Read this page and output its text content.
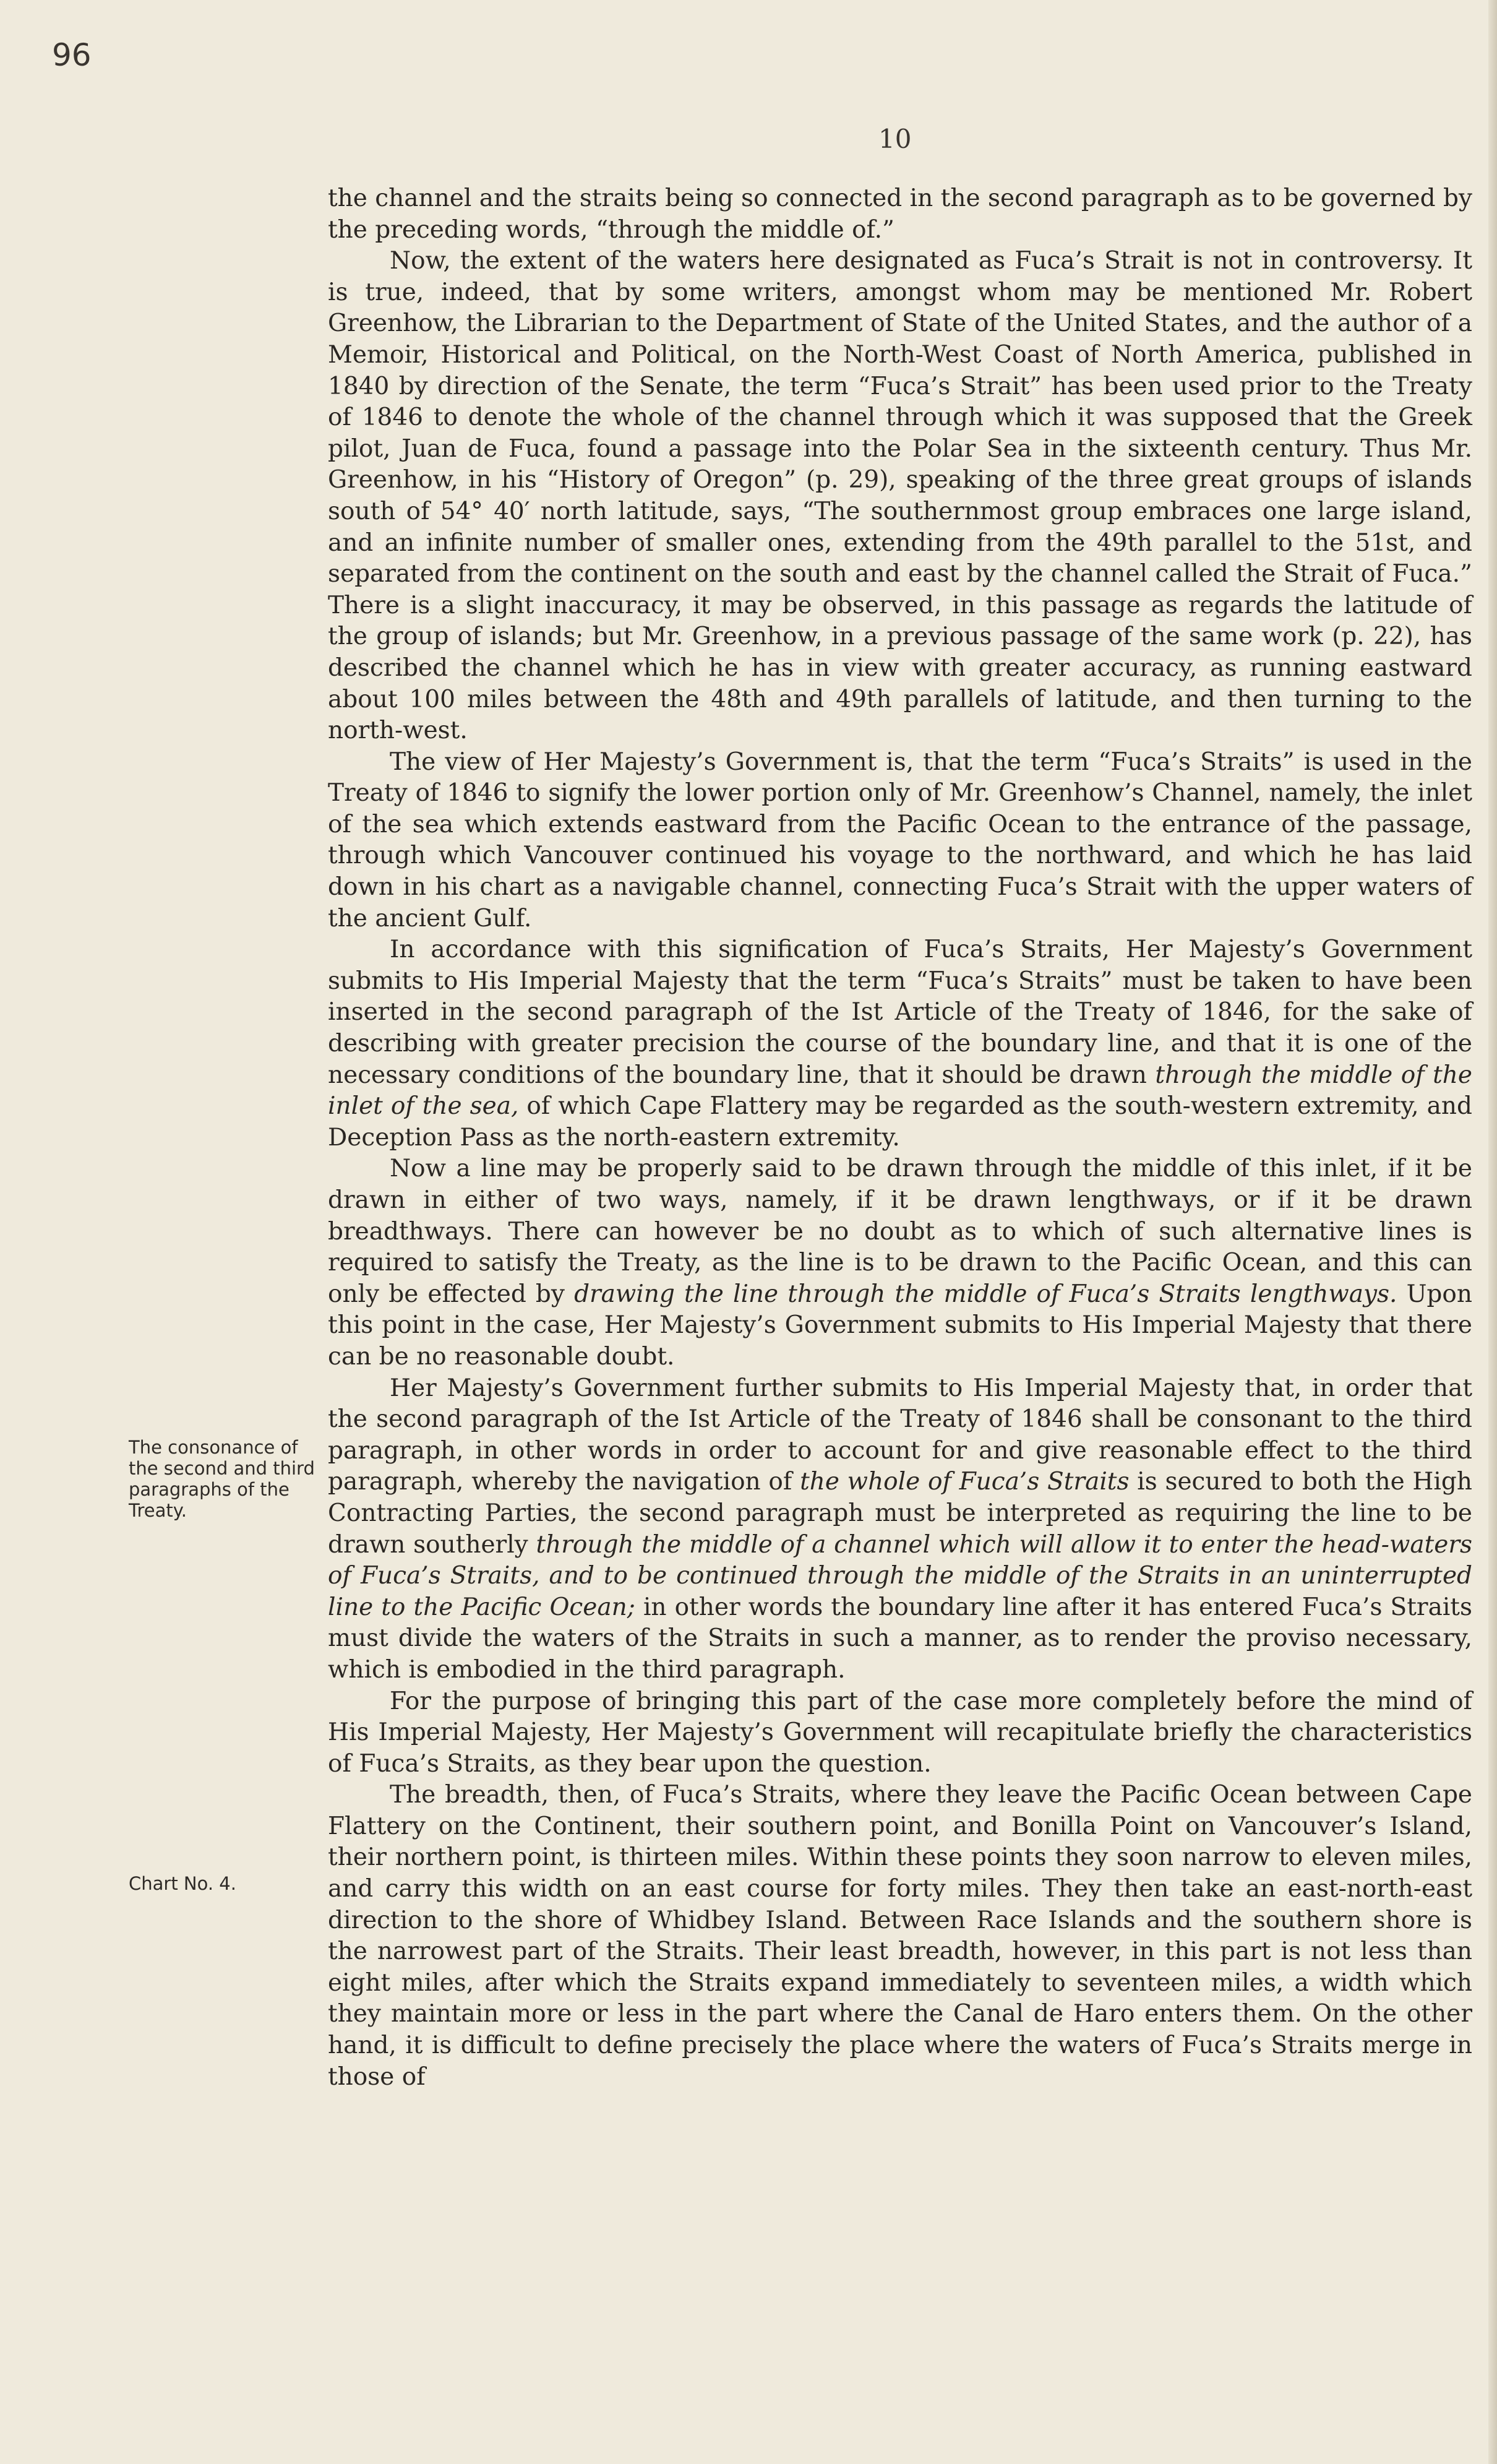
96
10
The consonance of the second and third paragraphs of the Treaty.
Chart No. 4.

the channel and the straits being so connected in the second paragraph as to be governed by the preceding words, “through the middle of.”

Now, the extent of the waters here designated as Fuca’s Strait is not in controversy. It is true, indeed, that by some writers, amongst whom may be mentioned Mr. Robert Greenhow, the Librarian to the Department of State of the United States, and the author of a Memoir, Historical and Political, on the North-West Coast of North America, published in 1840 by direction of the Senate, the term “Fuca’s Strait” has been used prior to the Treaty of 1846 to denote the whole of the channel through which it was supposed that the Greek pilot, Juan de Fuca, found a passage into the Polar Sea in the sixteenth century. Thus Mr. Greenhow, in his “History of Oregon” (p. 29), speaking of the three great groups of islands south of 54° 40′ north latitude, says, “The southernmost group embraces one large island, and an infinite number of smaller ones, extending from the 49th parallel to the 51st, and separated from the continent on the south and east by the channel called the Strait of Fuca.” There is a slight inaccuracy, it may be observed, in this passage as regards the latitude of the group of islands; but Mr. Greenhow, in a previous passage of the same work (p. 22), has described the channel which he has in view with greater accuracy, as running eastward about 100 miles between the 48th and 49th parallels of latitude, and then turning to the north-west.

The view of Her Majesty’s Government is, that the term “Fuca’s Straits” is used in the Treaty of 1846 to signify the lower portion only of Mr. Greenhow’s Channel, namely, the inlet of the sea which extends eastward from the Pacific Ocean to the entrance of the passage, through which Vancouver continued his voyage to the northward, and which he has laid down in his chart as a navigable channel, connecting Fuca’s Strait with the upper waters of the ancient Gulf.

In accordance with this signification of Fuca’s Straits, Her Majesty’s Government submits to His Imperial Majesty that the term “Fuca’s Straits” must be taken to have been inserted in the second paragraph of the Ist Article of the Treaty of 1846, for the sake of describing with greater precision the course of the boundary line, and that it is one of the necessary conditions of the boundary line, that it should be drawn through the middle of the inlet of the sea, of which Cape Flattery may be regarded as the south-western extremity, and Deception Pass as the north-eastern extremity.

Now a line may be properly said to be drawn through the middle of this inlet, if it be drawn in either of two ways, namely, if it be drawn lengthways, or if it be drawn breadthways. There can however be no doubt as to which of such alternative lines is required to satisfy the Treaty, as the line is to be drawn to the Pacific Ocean, and this can only be effected by drawing the line through the middle of Fuca’s Straits lengthways. Upon this point in the case, Her Majesty’s Government submits to His Imperial Majesty that there can be no reasonable doubt.

Her Majesty’s Government further submits to His Imperial Majesty that, in order that the second paragraph of the Ist Article of the Treaty of 1846 shall be consonant to the third paragraph, in other words in order to account for and give reasonable effect to the third paragraph, whereby the navigation of the whole of Fuca’s Straits is secured to both the High Contracting Parties, the second paragraph must be interpreted as requiring the line to be drawn southerly through the middle of a channel which will allow it to enter the head-waters of Fuca’s Straits, and to be continued through the middle of the Straits in an uninterrupted line to the Pacific Ocean; in other words the boundary line after it has entered Fuca’s Straits must divide the waters of the Straits in such a manner, as to render the proviso necessary, which is embodied in the third paragraph.

For the purpose of bringing this part of the case more completely before the mind of His Imperial Majesty, Her Majesty’s Government will recapitulate briefly the characteristics of Fuca’s Straits, as they bear upon the question.

The breadth, then, of Fuca’s Straits, where they leave the Pacific Ocean between Cape Flattery on the Continent, their southern point, and Bonilla Point on Vancouver’s Island, their northern point, is thirteen miles. Within these points they soon narrow to eleven miles, and carry this width on an east course for forty miles. They then take an east-north-east direction to the shore of Whidbey Island. Between Race Islands and the southern shore is the narrowest part of the Straits. Their least breadth, however, in this part is not less than eight miles, after which the Straits expand immediately to seventeen miles, a width which they maintain more or less in the part where the Canal de Haro enters them. On the other hand, it is difficult to define precisely the place where the waters of Fuca’s Straits merge in those of
